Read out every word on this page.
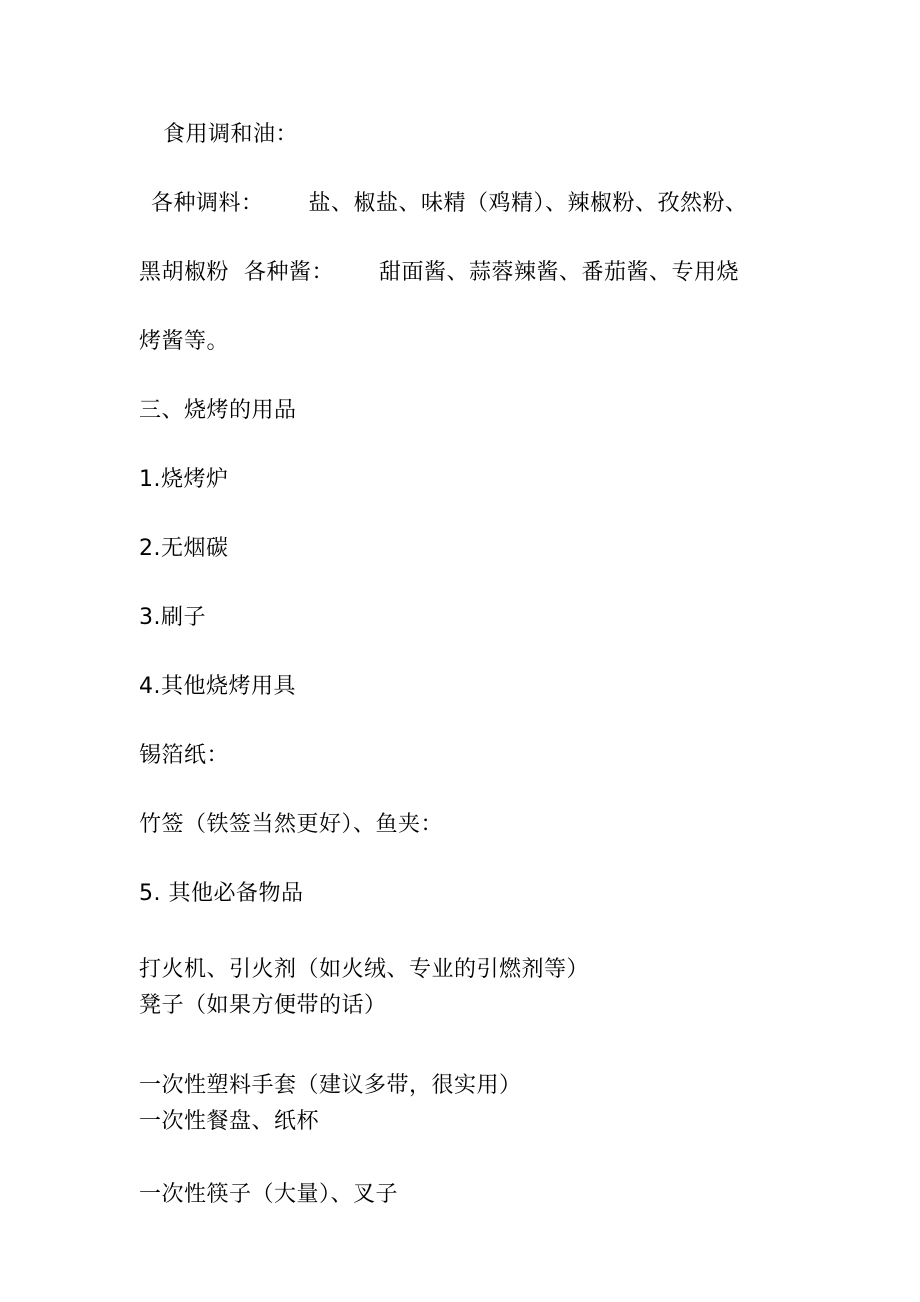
食用调和油：
各种调料：      盐、椒盐、味精（鸡精）、辣椒粉、孜然粉、
黑胡椒粉  各种酱：      甜面酱、蒜蓉辣酱、番茄酱、专用烧
烤酱等。
三、烧烤的用品
1.烧烤炉
2.无烟碳
3.刷子
4.其他烧烤用具
锡箔纸：
竹签（铁签当然更好）、鱼夹：
5. 其他必备物品
打火机、引火剂（如火绒、专业的引燃剂等）
凳子（如果方便带的话）
一次性塑料手套（建议多带，很实用）
一次性餐盘、纸杯
一次性筷子（大量）、叉子
